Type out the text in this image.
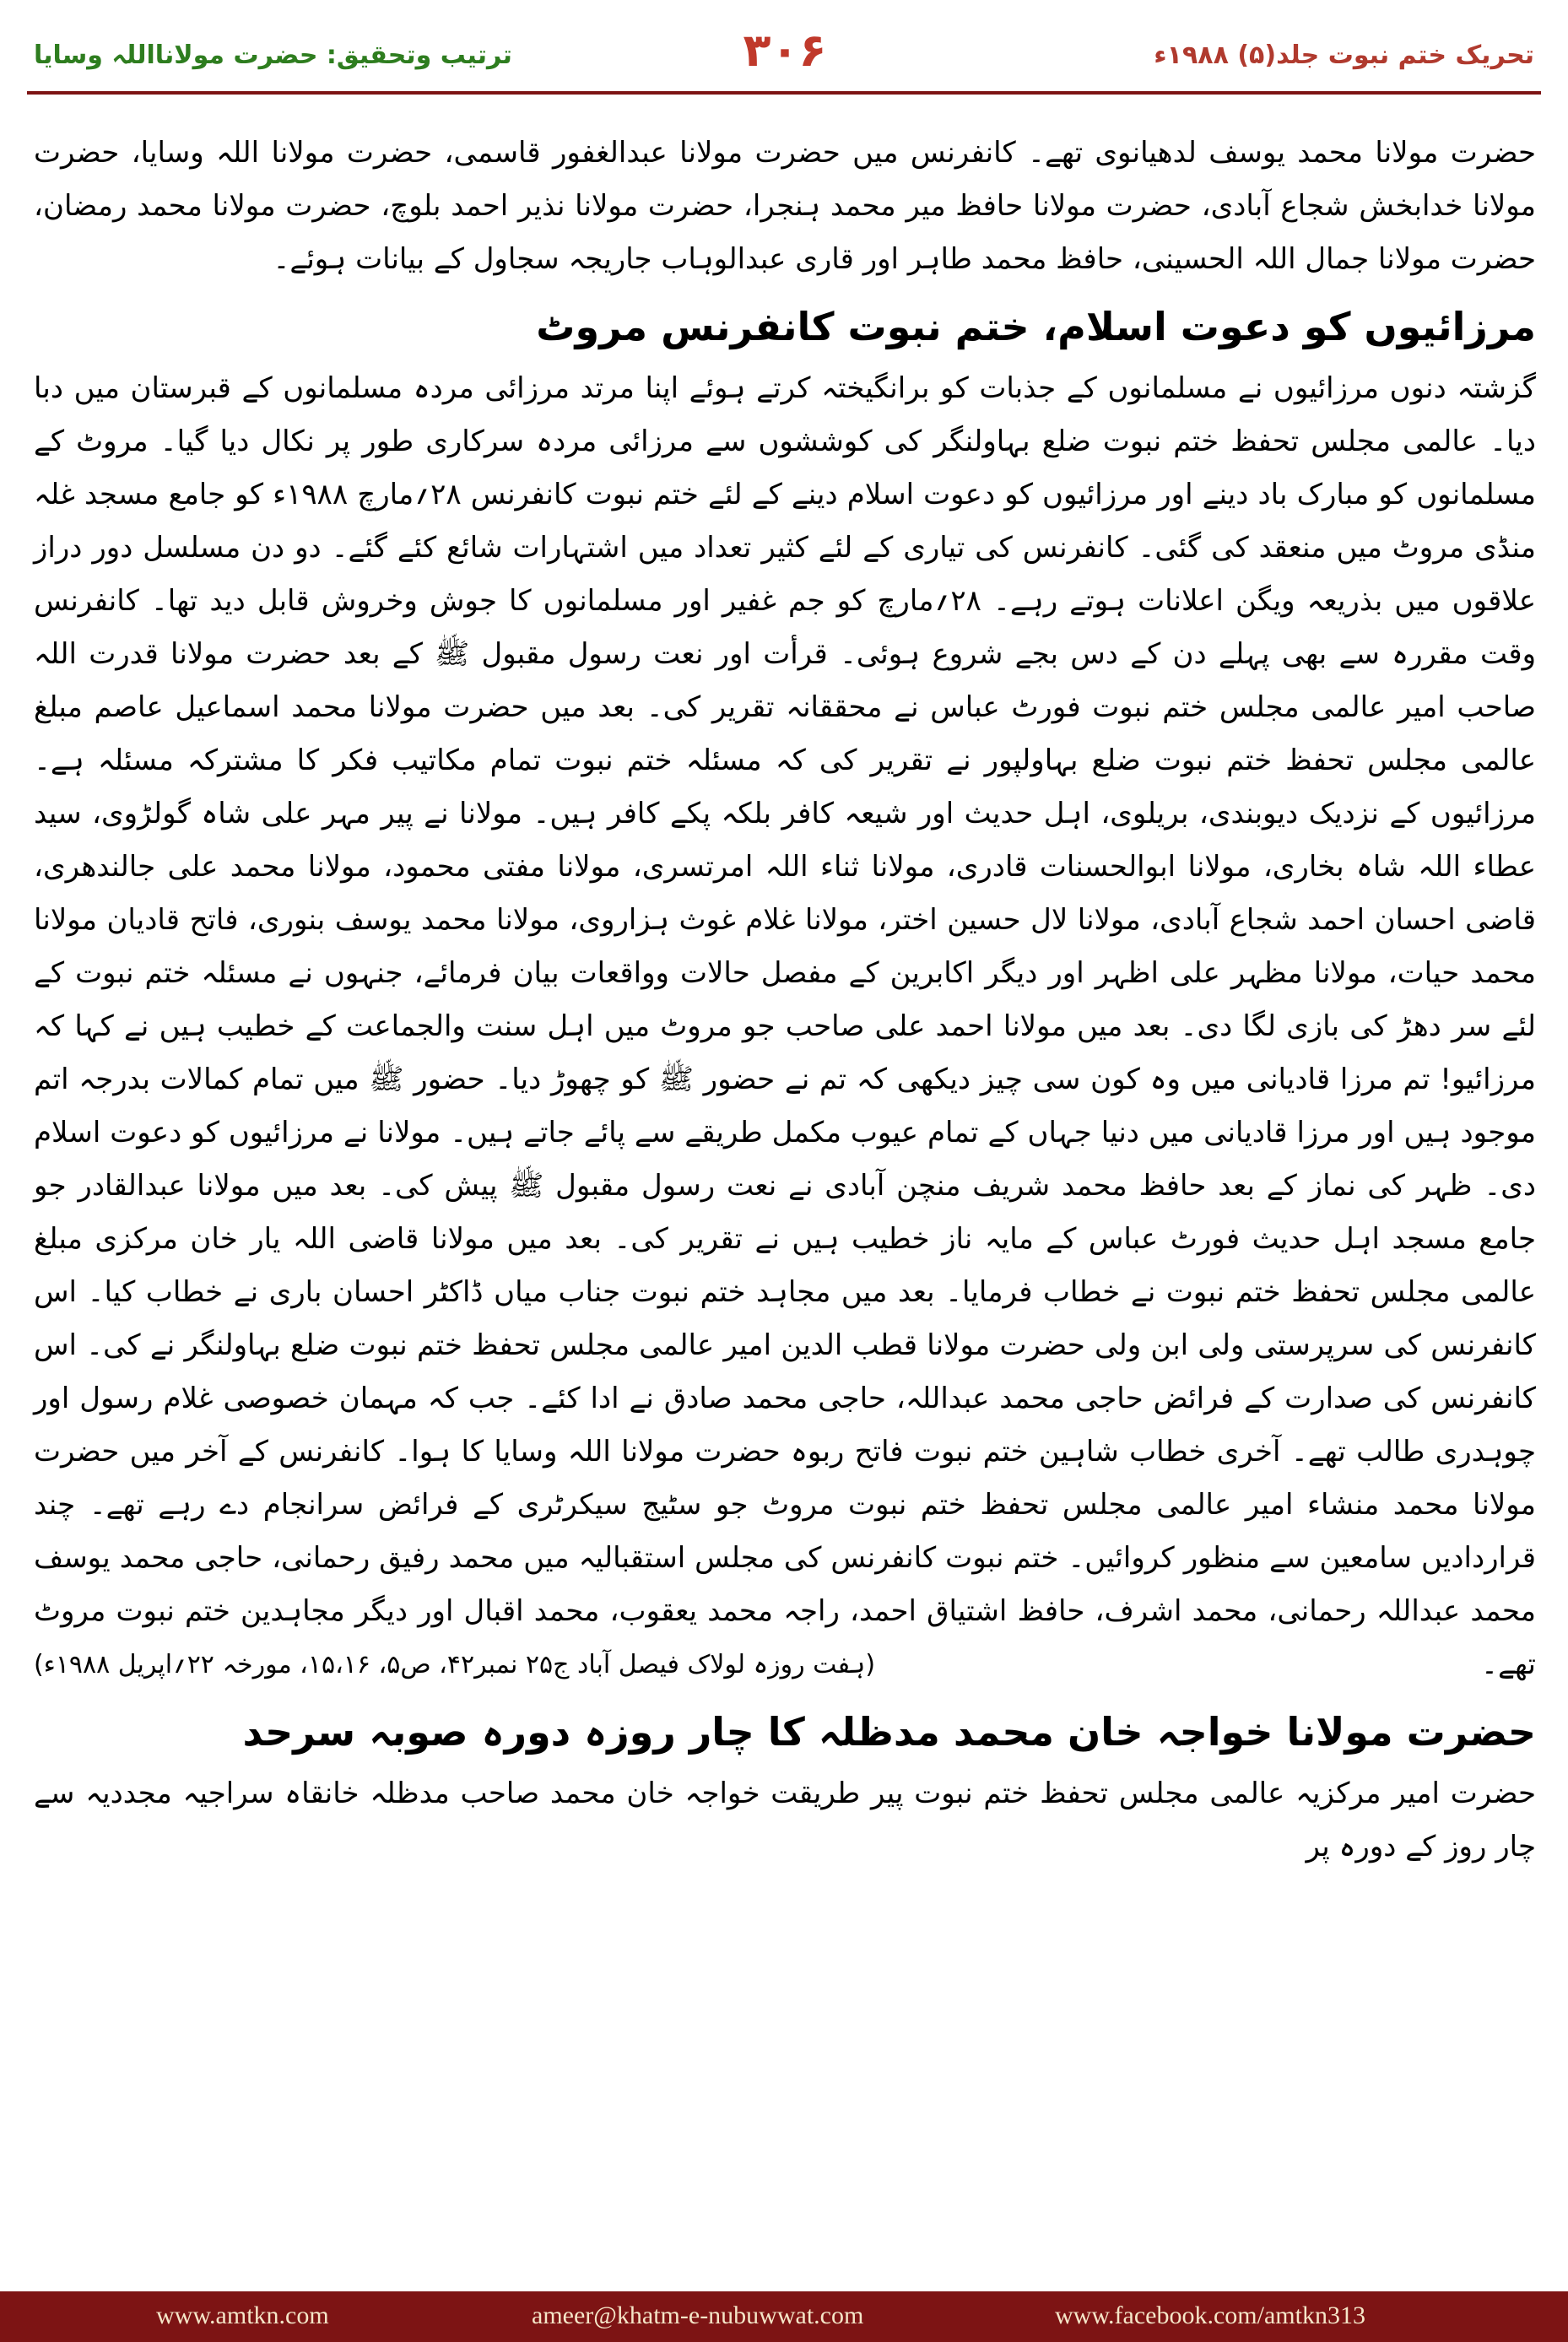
ترتیب وتحقیق: حضرت مولانااللہ وسایا	۳۰۶	تحریک ختم نبوت جلد(۵) ۱۹۸۸ء

حضرت مولانا محمد یوسف لدھیانوی تھے۔ کانفرنس میں حضرت مولانا عبدالغفور قاسمی، حضرت مولانا اللہ وسایا، حضرت مولانا خدابخش شجاع آبادی، حضرت مولانا حافظ میر محمد ہنجرا، حضرت مولانا نذیر احمد بلوچ، حضرت مولانا محمد رمضان، حضرت مولانا جمال اللہ الحسینی، حافظ محمد طاہر اور قاری عبدالوہاب جاریجہ سجاول کے بیانات ہوئے۔

مرزائیوں کو دعوت اسلام، ختم نبوت کانفرنس مروٹ

گزشتہ دنوں مرزائیوں نے مسلمانوں کے جذبات کو برانگیختہ کرتے ہوئے اپنا مرتد مرزائی مردہ مسلمانوں کے قبرستان میں دبا دیا۔ عالمی مجلس تحفظ ختم نبوت ضلع بہاولنگر کی کوششوں سے مرزائی مردہ سرکاری طور پر نکال دیا گیا۔ مروٹ کے مسلمانوں کو مبارک باد دینے اور مرزائیوں کو دعوت اسلام دینے کے لئے ختم نبوت کانفرنس ۲۸؍مارچ ۱۹۸۸ء کو جامع مسجد غلہ منڈی مروٹ میں منعقد کی گئی۔ کانفرنس کی تیاری کے لئے کثیر تعداد میں اشتہارات شائع کئے گئے۔ دو دن مسلسل دور دراز علاقوں میں بذریعہ ویگن اعلانات ہوتے رہے۔ ۲۸؍مارچ کو جم غفیر اور مسلمانوں کا جوش وخروش قابل دید تھا۔ کانفرنس وقت مقررہ سے بھی پہلے دن کے دس بجے شروع ہوئی۔ قرأت اور نعت رسول مقبول ﷺ کے بعد حضرت مولانا قدرت اللہ صاحب امیر عالمی مجلس ختم نبوت فورٹ عباس نے محققانہ تقریر کی۔ بعد میں حضرت مولانا محمد اسماعیل عاصم مبلغ عالمی مجلس تحفظ ختم نبوت ضلع بہاولپور نے تقریر کی کہ مسئلہ ختم نبوت تمام مکاتیب فکر کا مشترکہ مسئلہ ہے۔ مرزائیوں کے نزدیک دیوبندی، بریلوی، اہل حدیث اور شیعہ کافر بلکہ پکے کافر ہیں۔ مولانا نے پیر مہر علی شاہ گولڑوی، سید عطاء اللہ شاہ بخاری، مولانا ابوالحسنات قادری، مولانا ثناء اللہ امرتسری، مولانا مفتی محمود، مولانا محمد علی جالندھری، قاضی احسان احمد شجاع آبادی، مولانا لال حسین اختر، مولانا غلام غوث ہزاروی، مولانا محمد یوسف بنوری، فاتح قادیان مولانا محمد حیات، مولانا مظہر علی اظہر اور دیگر اکابرین کے مفصل حالات وواقعات بیان فرمائے، جنہوں نے مسئلہ ختم نبوت کے لئے سر دھڑ کی بازی لگا دی۔ بعد میں مولانا احمد علی صاحب جو مروٹ میں اہل سنت والجماعت کے خطیب ہیں نے کہا کہ مرزائیو! تم مرزا قادیانی میں وہ کون سی چیز دیکھی کہ تم نے حضور ﷺ کو چھوڑ دیا۔ حضور ﷺ میں تمام کمالات بدرجہ اتم موجود ہیں اور مرزا قادیانی میں دنیا جہاں کے تمام عیوب مکمل طریقے سے پائے جاتے ہیں۔ مولانا نے مرزائیوں کو دعوت اسلام دی۔ ظہر کی نماز کے بعد حافظ محمد شریف منچن آبادی نے نعت رسول مقبول ﷺ پیش کی۔ بعد میں مولانا عبدالقادر جو جامع مسجد اہل حدیث فورٹ عباس کے مایہ ناز خطیب ہیں نے تقریر کی۔ بعد میں مولانا قاضی اللہ یار خان مرکزی مبلغ عالمی مجلس تحفظ ختم نبوت نے خطاب فرمایا۔ بعد میں مجاہد ختم نبوت جناب میاں ڈاکٹر احسان باری نے خطاب کیا۔ اس کانفرنس کی سرپرستی ولی ابن ولی حضرت مولانا قطب الدین امیر عالمی مجلس تحفظ ختم نبوت ضلع بہاولنگر نے کی۔ اس کانفرنس کی صدارت کے فرائض حاجی محمد عبداللہ، حاجی محمد صادق نے ادا کئے۔ جب کہ مہمان خصوصی غلام رسول اور چوہدری طالب تھے۔ آخری خطاب شاہین ختم نبوت فاتح ربوہ حضرت مولانا اللہ وسایا کا ہوا۔ کانفرنس کے آخر میں حضرت مولانا محمد منشاء امیر عالمی مجلس تحفظ ختم نبوت مروٹ جو سٹیج سیکرٹری کے فرائض سرانجام دے رہے تھے۔ چند قراردادیں سامعین سے منظور کروائیں۔ ختم نبوت کانفرنس کی مجلس استقبالیہ میں محمد رفیق رحمانی، حاجی محمد یوسف محمد عبداللہ رحمانی، محمد اشرف، حافظ اشتیاق احمد، راجہ محمد یعقوب، محمد اقبال اور دیگر مجاہدین ختم نبوت مروٹ تھے۔
(ہفت روزہ لولاک فیصل آباد ج۲۵ نمبر۴۲، ص۵، ۱۵،۱۶، مورخہ ۲۲؍اپریل ۱۹۸۸ء)

حضرت مولانا خواجہ خان محمد مدظلہ کا چار روزہ دورہ صوبہ سرحد

حضرت امیر مرکزیہ عالمی مجلس تحفظ ختم نبوت پیر طریقت خواجہ خان محمد صاحب مدظلہ خانقاہ سراجیہ مجددیہ سے چار روز کے دورہ پر

www.amtkn.com	ameer@khatm-e-nubuwwat.com	www.facebook.com/amtkn313
